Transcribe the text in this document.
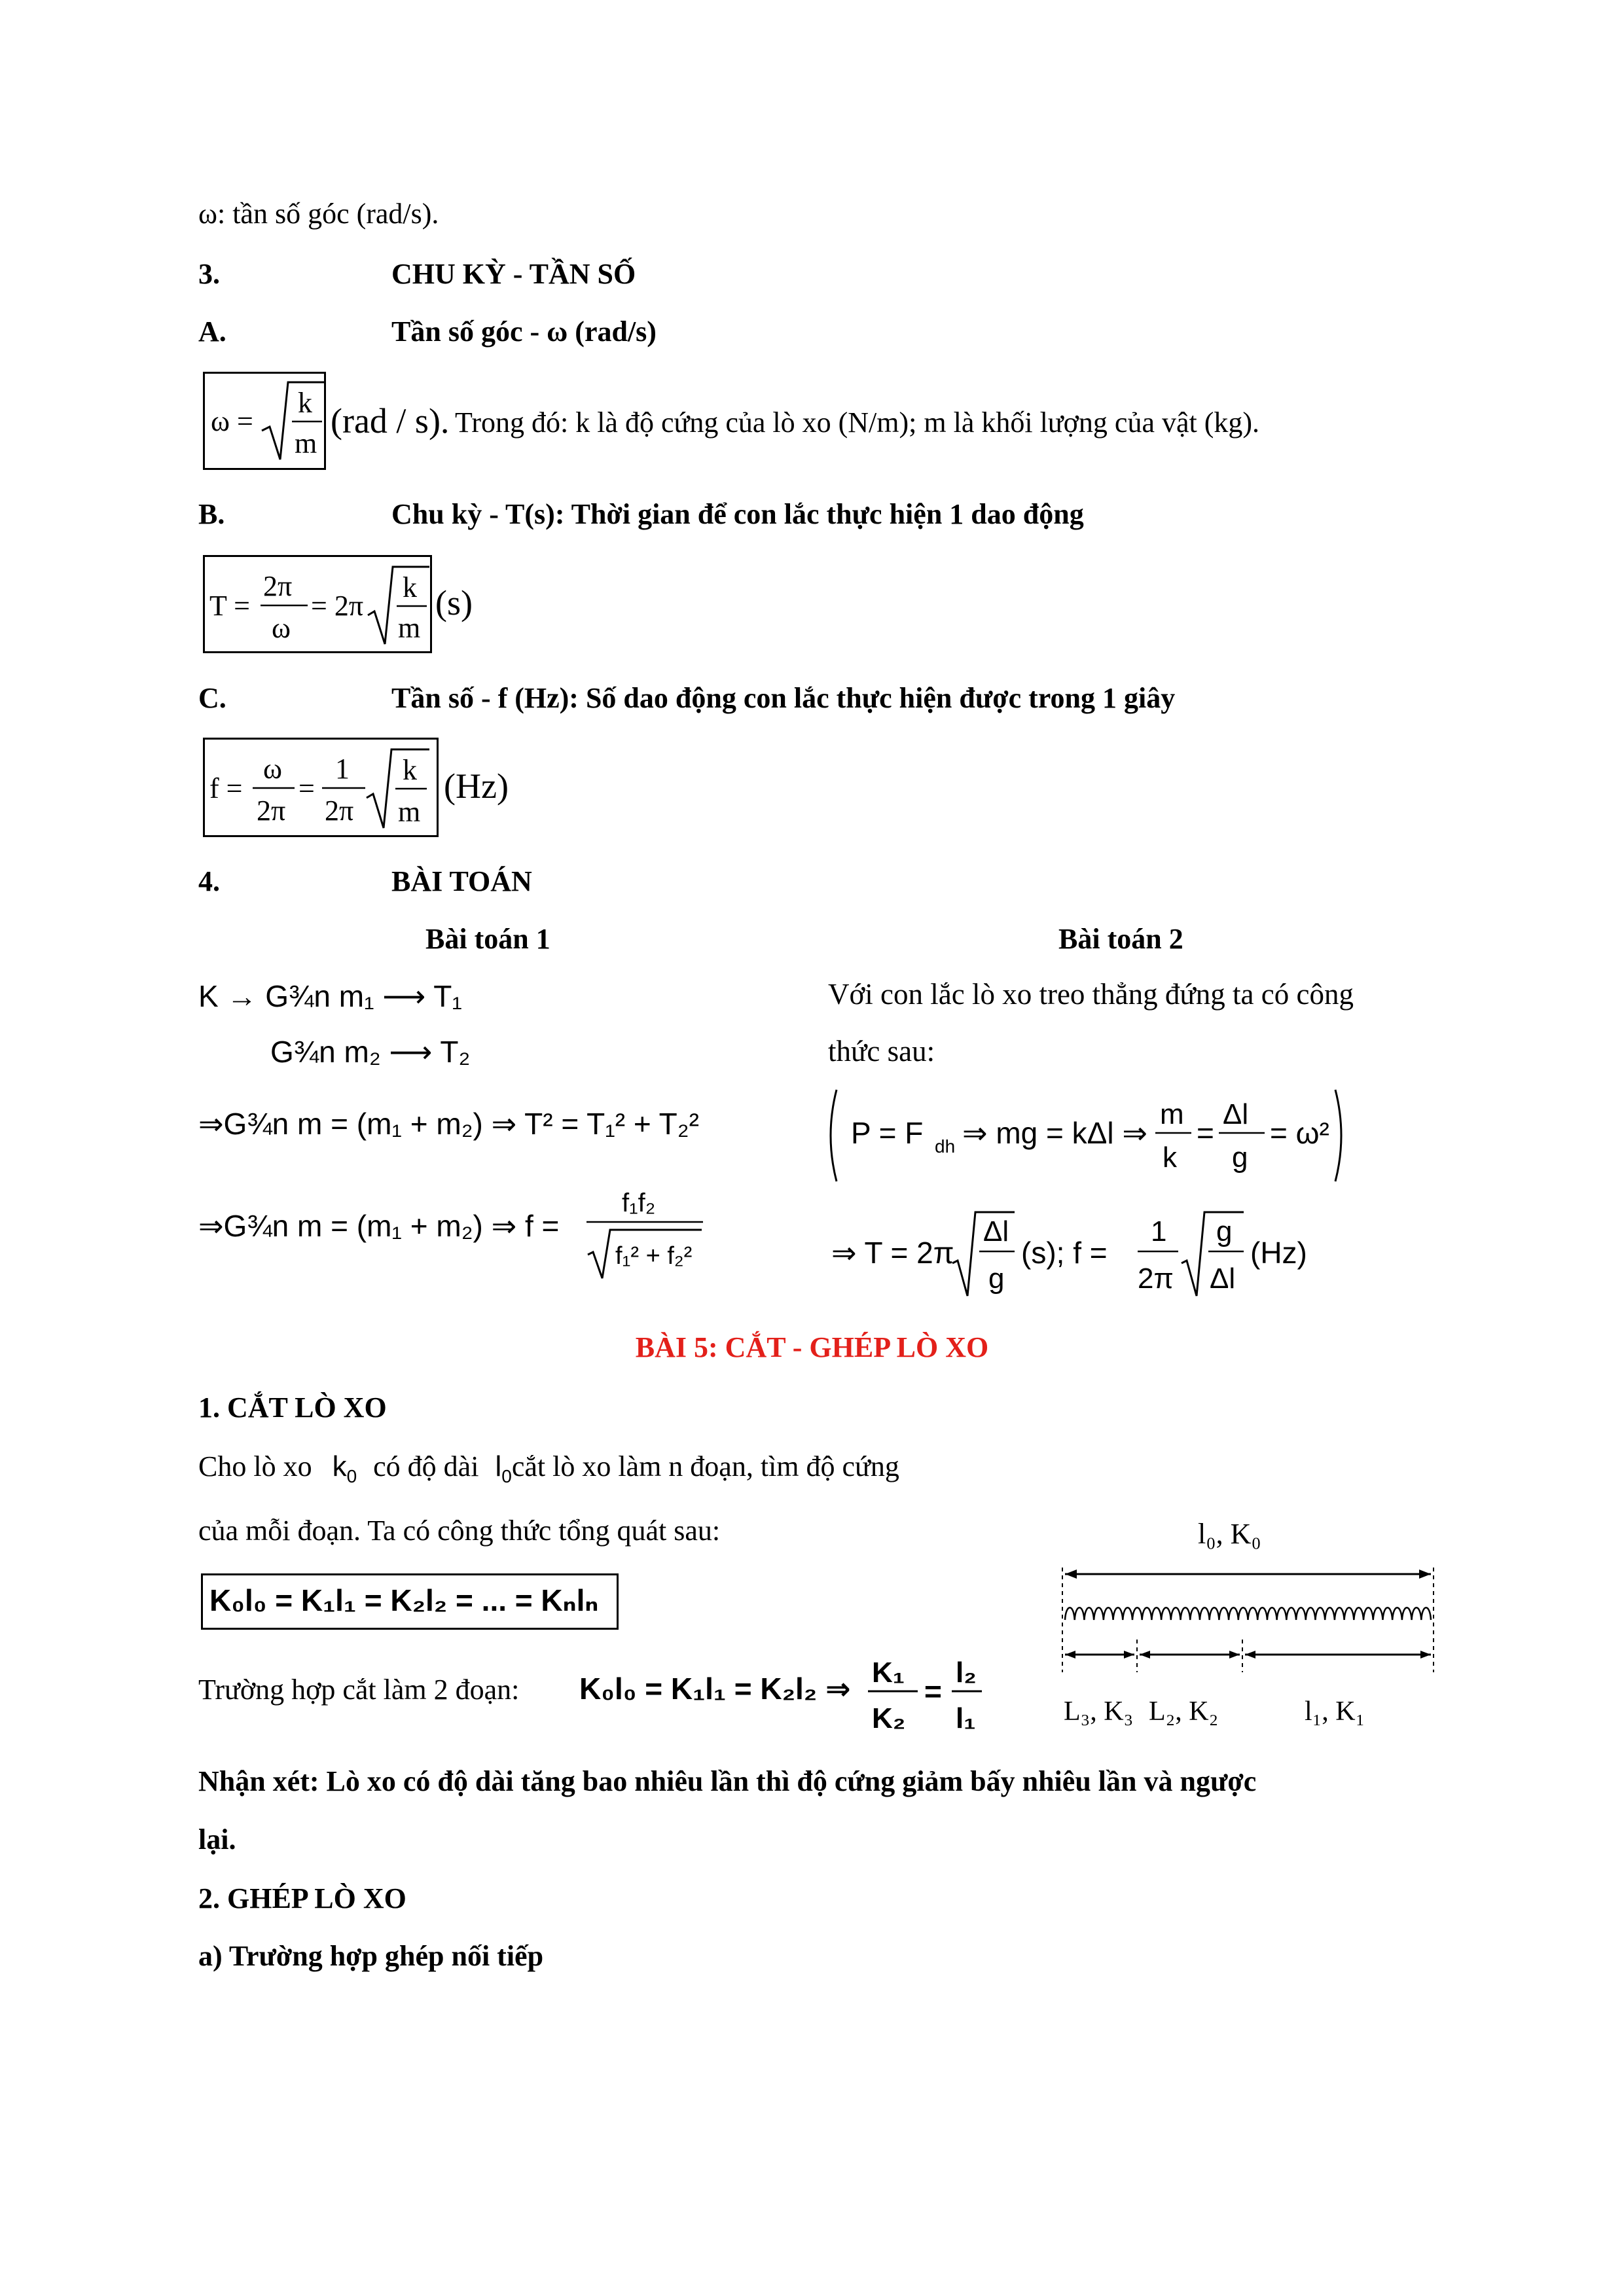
ω: tần số góc (rad/s).
3.	CHU KỲ - TẦN SỐ
A.	Tần số góc - ω (rad/s)
ω =
k
m
(rad / s). Trong đó: k là độ cứng của lò xo (N/m); m là khối lượng của vật (kg).
B.	Chu kỳ - T(s): Thời gian để con lắc thực hiện 1 dao động
T =
2π
ω
= 2π
k
m
(s)
C.	Tần số - f (Hz): Số dao động con lắc thực hiện được trong 1 giây
f =
ω
2π
=
1
2π
k
m
(Hz)
4.	BÀI TOÁN
Bài toán 1
K → G¾n m₁ ⟶ T₁
G¾n m₂ ⟶ T₂
⇒G¾n m = (m₁ + m₂) ⇒ T² = T₁² + T₂²
⇒G¾n m = (m₁ + m₂) ⇒ f =
f₁f₂
f₁² + f₂²
Bài toán 2
Với con lắc lò xo treo thẳng đứng ta có công
thức sau:
P = F dh ⇒ mg = kΔl ⇒
m
k
=
Δl
g
= ω²
⇒ T = 2π
Δl
g
(s); f =
1
2π
g
Δl
(Hz)
BÀI 5: CẮT - GHÉP LÒ XO
1. CẮT LÒ XO
Cho lò xo $k_0$ có độ dài $l_0cắt$ lò xo làm n đoạn, tìm độ cứng
của mỗi đoạn. Ta có công thức tổng quát sau:
K₀l₀ = K₁l₁ = K₂l₂ = ... = Kₙlₙ
Trường hợp cắt làm 2 đoạn: K₀l₀ = K₁l₁ = K₂l₂ ⇒ K₁
K₂
=
l₂
l₁
l₀, K₀
L₃, K₃ L₂, K₂	l₁, K₁
Nhận xét: Lò xo có độ dài tăng bao nhiêu lần thì độ cứng giảm bấy nhiêu lần và ngược
lại.
2. GHÉP LÒ XO
a) Trường hợp ghép nối tiếp
